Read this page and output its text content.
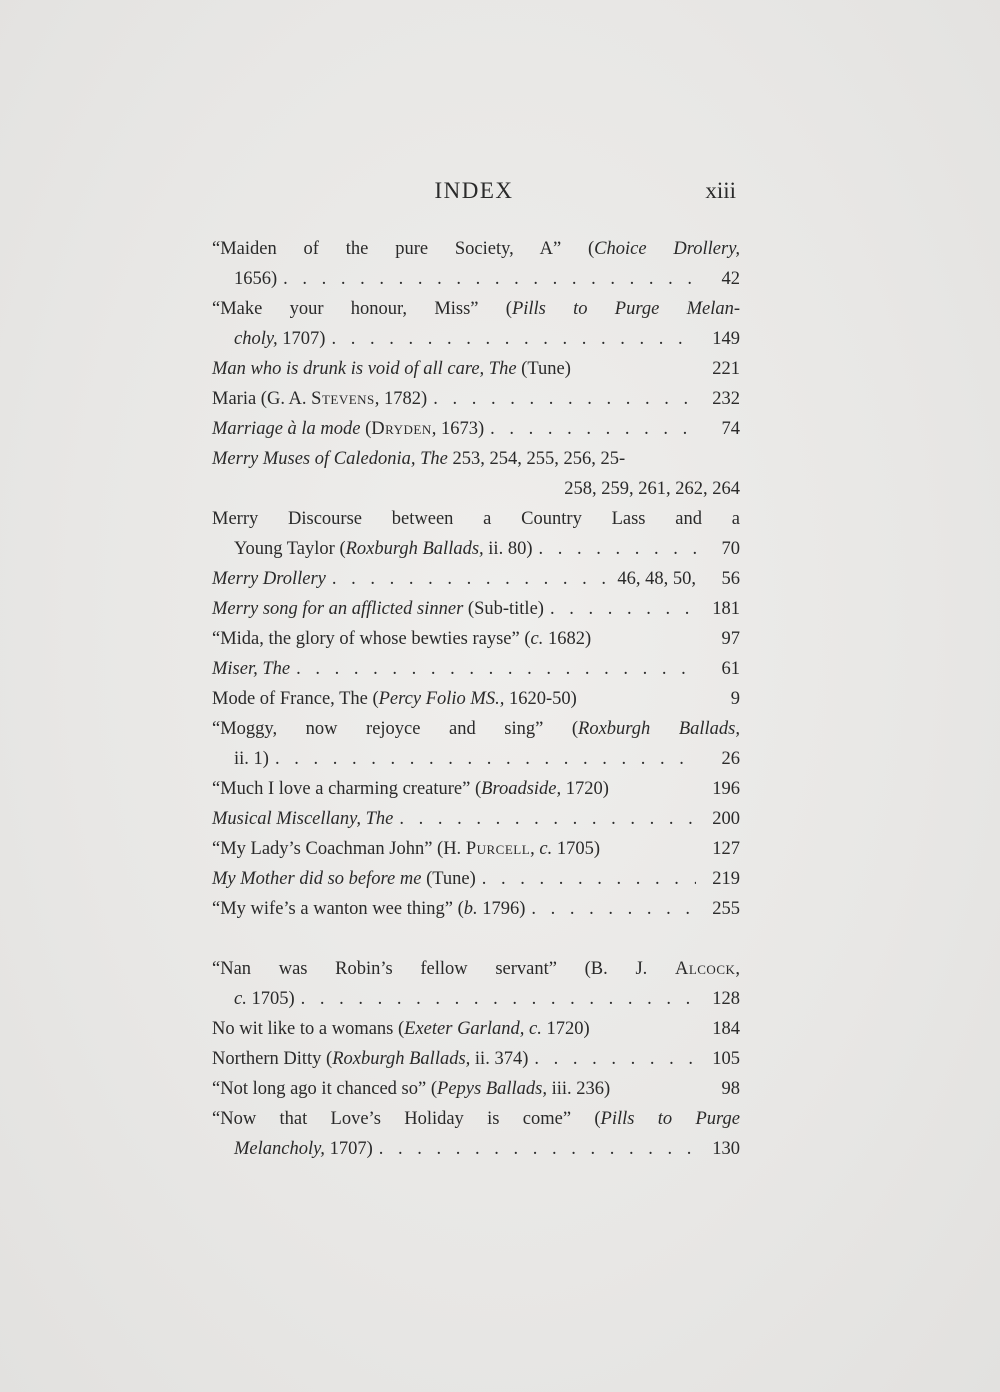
INDEX	xiii
“Maiden of the pure Society, A” (Choice Drollery,
1656) . . .	42
“Make your honour, Miss” (Pills to Purge Melan-
choly, 1707) . . .	149
Man who is drunk is void of all care, The (Tune)	221
Maria (G. A. Stevens, 1782) . . .	232
Marriage à la mode (Dryden, 1673) . . .	74
Merry Muses of Caledonia, The 253, 254, 255, 256, 25-
258, 259, 261, 262, 264
Merry Discourse between a Country Lass and a
Young Taylor (Roxburgh Ballads, ii. 80) . . .	70
Merry Drollery . . .	46, 48, 50,	56
Merry song for an afflicted sinner (Sub-title) . . .	181
“Mida, the glory of whose bewties rayse” (c. 1682)	97
Miser, The . . .	61
Mode of France, The (Percy Folio MS., 1620-50)	9
“Moggy, now rejoyce and sing” (Roxburgh Ballads,
ii. 1) . . .	26
“Much I love a charming creature” (Broadside, 1720)	196
Musical Miscellany, The . . .	200
“My Lady’s Coachman John” (H. Purcell, c. 1705)	127
My Mother did so before me (Tune) . . .	219
“My wife’s a wanton wee thing” (b. 1796) . . .	255
“Nan was Robin’s fellow servant” (B. J. Alcock,
c. 1705) . . .	128
No wit like to a womans (Exeter Garland, c. 1720)	184
Northern Ditty (Roxburgh Ballads, ii. 374) . . .	105
“Not long ago it chanced so” (Pepys Ballads, iii. 236)	98
“Now that Love’s Holiday is come” (Pills to Purge
Melancholy, 1707) . . .	130
